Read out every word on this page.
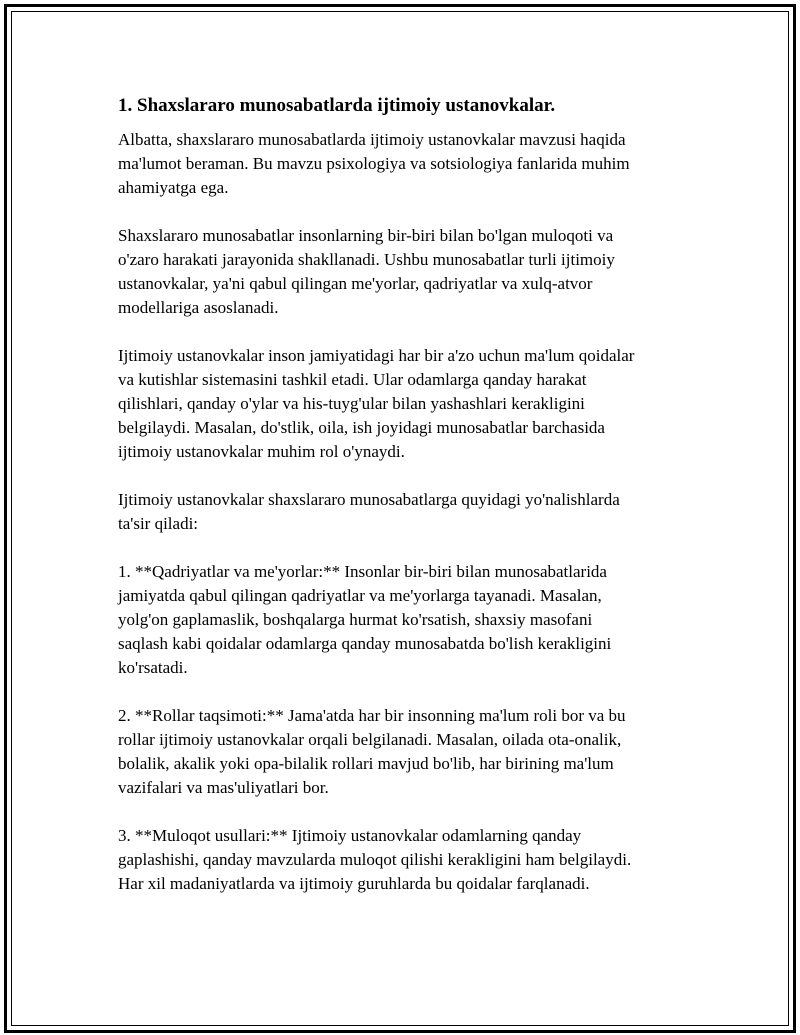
1. Shaxslararo munosabatlarda ijtimoiy ustanovkalar.

Albatta, shaxslararo munosabatlarda ijtimoiy ustanovkalar mavzusi haqida
ma'lumot beraman. Bu mavzu psixologiya va sotsiologiya fanlarida muhim
ahamiyatga ega.

Shaxslararo munosabatlar insonlarning bir-biri bilan bo'lgan muloqoti va
o'zaro harakati jarayonida shakllanadi. Ushbu munosabatlar turli ijtimoiy
ustanovkalar, ya'ni qabul qilingan me'yorlar, qadriyatlar va xulq-atvor
modellariga asoslanadi.

Ijtimoiy ustanovkalar inson jamiyatidagi har bir a'zo uchun ma'lum qoidalar
va kutishlar sistemasini tashkil etadi. Ular odamlarga qanday harakat
qilishlari, qanday o'ylar va his-tuyg'ular bilan yashashlari kerakligini
belgilaydi. Masalan, do'stlik, oila, ish joyidagi munosabatlar barchasida
ijtimoiy ustanovkalar muhim rol o'ynaydi.

Ijtimoiy ustanovkalar shaxslararo munosabatlarga quyidagi yo'nalishlarda
ta'sir qiladi:

1. **Qadriyatlar va me'yorlar:** Insonlar bir-biri bilan munosabatlarida
jamiyatda qabul qilingan qadriyatlar va me'yorlarga tayanadi. Masalan,
yolg'on gaplamaslik, boshqalarga hurmat ko'rsatish, shaxsiy masofani
saqlash kabi qoidalar odamlarga qanday munosabatda bo'lish kerakligini
ko'rsatadi.

2. **Rollar taqsimoti:** Jama'atda har bir insonning ma'lum roli bor va bu
rollar ijtimoiy ustanovkalar orqali belgilanadi. Masalan, oilada ota-onalik,
bolalik, akalik yoki opa-bilalik rollari mavjud bo'lib, har birining ma'lum
vazifalari va mas'uliyatlari bor.

3. **Muloqot usullari:** Ijtimoiy ustanovkalar odamlarning qanday
gaplashishi, qanday mavzularda muloqot qilishi kerakligini ham belgilaydi.
Har xil madaniyatlarda va ijtimoiy guruhlarda bu qoidalar farqlanadi.
